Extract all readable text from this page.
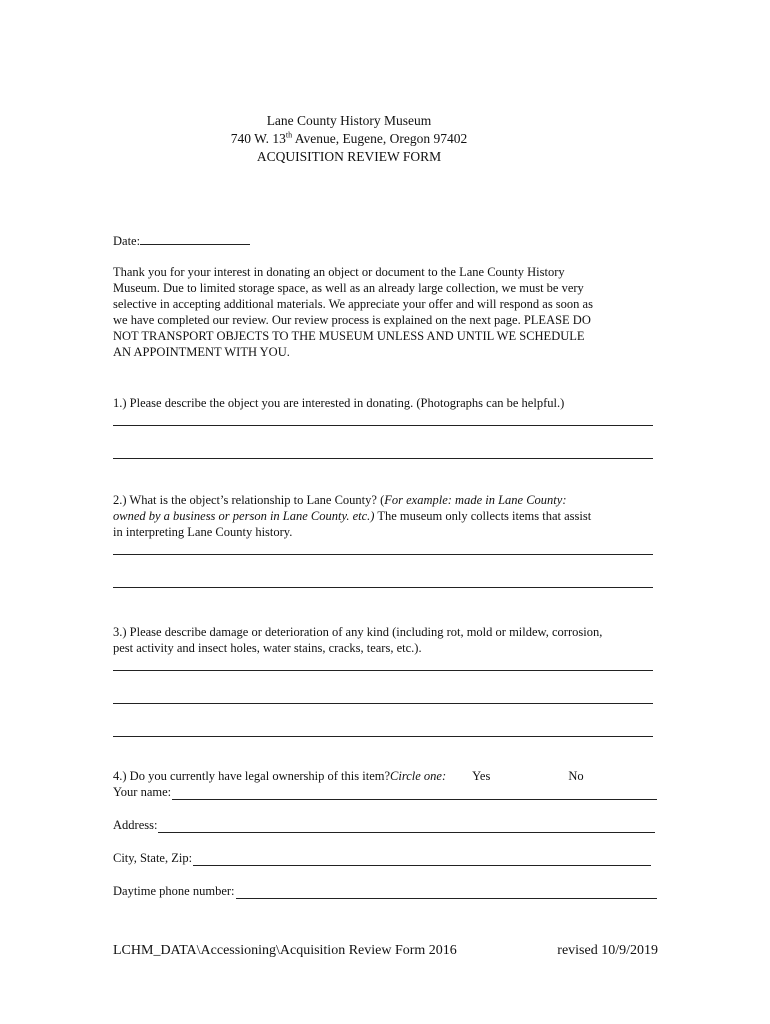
Lane County History Museum
740 W. 13th Avenue, Eugene, Oregon 97402
ACQUISITION REVIEW FORM
Date:
Thank you for your interest in donating an object or document to the Lane County History
Museum. Due to limited storage space, as well as an already large collection, we must be very
selective in accepting additional materials. We appreciate your offer and will respond as soon as
we have completed our review. Our review process is explained on the next page. PLEASE DO
NOT TRANSPORT OBJECTS TO THE MUSEUM UNLESS AND UNTIL WE SCHEDULE
AN APPOINTMENT WITH YOU.
1.) Please describe the object you are interested in donating. (Photographs can be helpful.)
2.) What is the object’s relationship to Lane County? (For example: made in Lane County:
owned by a business or person in Lane County. etc.) The museum only collects items that assist
in interpreting Lane County history.
3.) Please describe damage or deterioration of any kind (including rot, mold or mildew, corrosion,
pest activity and insect holes, water stains, cracks, tears, etc.).
4.) Do you currently have legal ownership of this item? Circle one: Yes	No
Your name:
Address:
City, State, Zip:
Daytime phone number:
LCHM_DATA\Accessioning\Acquisition Review Form 2016	revised 10/9/2019
